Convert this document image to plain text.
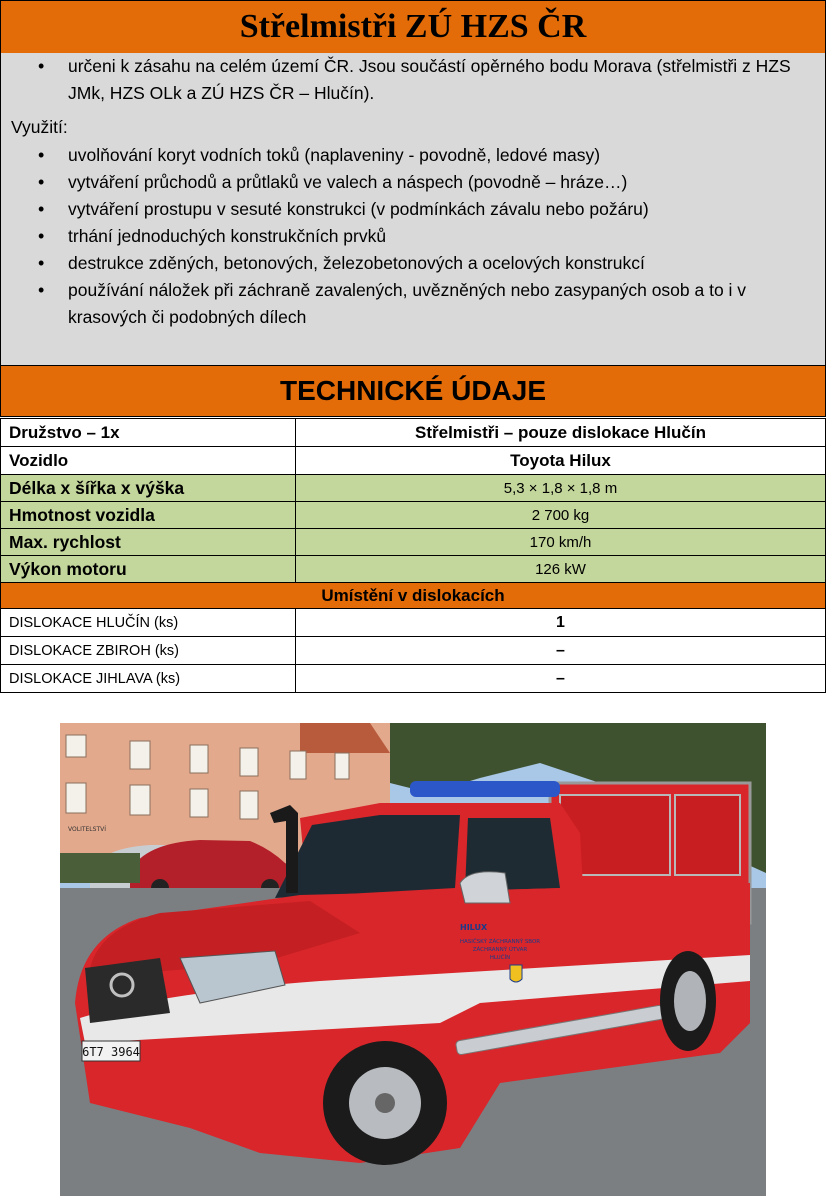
Střelmistři ZÚ HZS ČR
• určeni k zásahu na celém území ČR. Jsou součástí opěrného bodu Morava (střelmistři z HZS JMk, HZS OLk a ZÚ HZS ČR – Hlučín).
Využití:
• uvolňování koryt vodních toků (naplaveniny - povodně, ledové masy)
• vytváření průchodů a průtlaků ve valech a náspech (povodně – hráze…)
• vytváření prostupu v sesuté konstrukci (v podmínkách závalu nebo požáru)
• trhání jednoduchých konstrukčních prvků
• destrukce zděných, betonových, železobetonových a ocelových konstrukcí
• používání náložek při záchraně zavalených, uvězněných nebo zasypaných osob a to i v krasových či podobných dílech
TECHNICKÉ ÚDAJE
Družstvo – 1x	Střelmistři – pouze dislokace Hlučín
Vozidlo	Toyota Hilux
Délka x šířka x výška	5,3 × 1,8 × 1,8 m
Hmotnost vozidla	2 700 kg
Max. rychlost	170 km/h
Výkon motoru	126 kW
Umístění v dislokacích	
DISLOKACE HLUČÍN (ks)	1
DISLOKACE ZBIROH (ks)	–
DISLOKACE JIHLAVA (ks)	–
VOLITELSTVÍ
6T7 3964
HILUX
HASIČSKÝ ZÁCHRANNÝ SBOR
ZÁCHRANNÝ ÚTVAR
HLUČÍN
